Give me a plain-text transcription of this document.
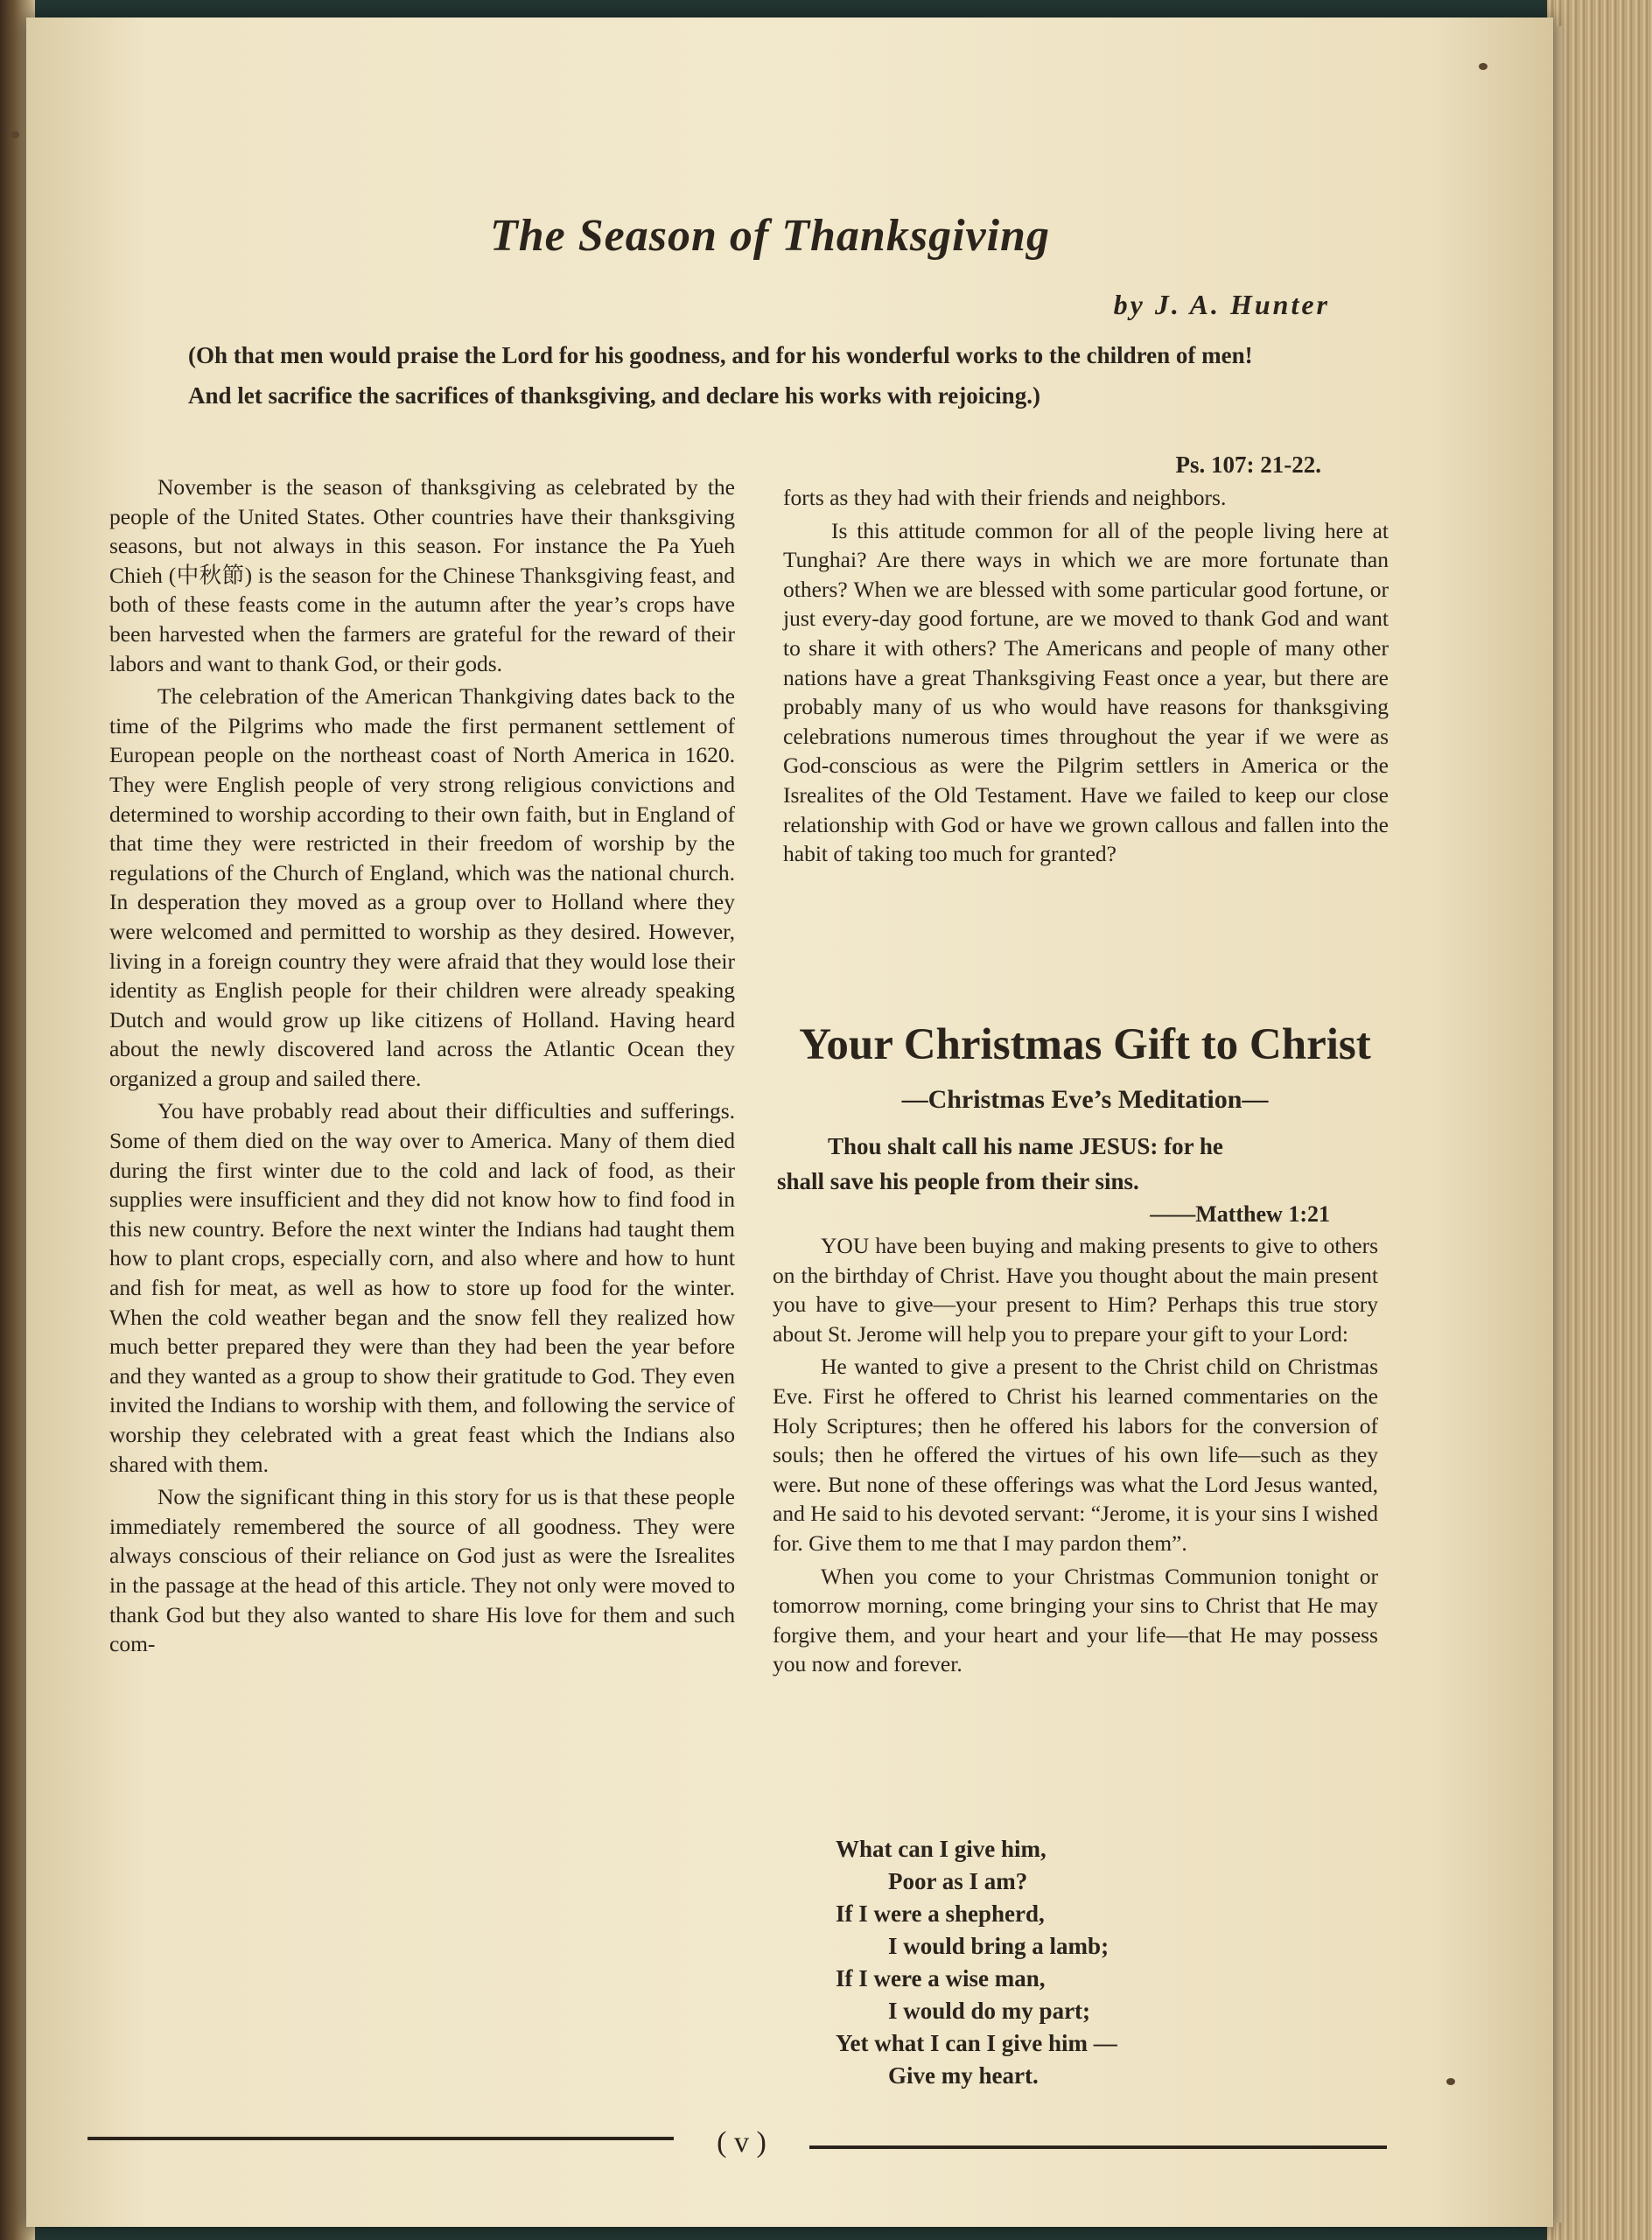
The Season of Thanksgiving
by J. A. Hunter

(Oh that men would praise the Lord for his goodness, and for his wonderful works to the children of men!

And let sacrifice the sacrifices of thanksgiving, and declare his works with rejoicing.)

Ps. 107: 21-22.

November is the season of thanksgiving as celebrated by the people of the United States. Other countries have their thanksgiving seasons, but not always in this season. For instance the Pa Yueh Chieh (中秋節) is the season for the Chinese Thanksgiving feast, and both of these feasts come in the autumn after the year’s crops have been harvested when the farmers are grateful for the reward of their labors and want to thank God, or their gods.

The celebration of the American Thankgiving dates back to the time of the Pilgrims who made the first permanent settlement of European people on the northeast coast of North America in 1620. They were English people of very strong religious convictions and determined to worship according to their own faith, but in England of that time they were restricted in their freedom of worship by the regulations of the Church of England, which was the national church. In desperation they moved as a group over to Holland where they were welcomed and permitted to worship as they desired. However, living in a foreign country they were afraid that they would lose their identity as English people for their children were already speaking Dutch and would grow up like citizens of Holland. Having heard about the newly discovered land across the Atlantic Ocean they organized a group and sailed there.

You have probably read about their difficulties and sufferings. Some of them died on the way over to America. Many of them died during the first winter due to the cold and lack of food, as their supplies were insufficient and they did not know how to find food in this new country. Before the next winter the Indians had taught them how to plant crops, especially corn, and also where and how to hunt and fish for meat, as well as how to store up food for the winter. When the cold weather began and the snow fell they realized how much better prepared they were than they had been the year before and they wanted as a group to show their gratitude to God. They even invited the Indians to worship with them, and following the service of worship they celebrated with a great feast which the Indians also shared with them.

Now the significant thing in this story for us is that these people immediately remembered the source of all goodness. They were always conscious of their reliance on God just as were the Isrealites in the passage at the head of this article. They not only were moved to thank God but they also wanted to share His love for them and such com-

forts as they had with their friends and neighbors.

Is this attitude common for all of the people living here at Tunghai? Are there ways in which we are more fortunate than others? When we are blessed with some particular good fortune, or just every-day good fortune, are we moved to thank God and want to share it with others? The Americans and people of many other nations have a great Thanksgiving Feast once a year, but there are probably many of us who would have reasons for thanksgiving celebrations numerous times throughout the year if we were as God-conscious as were the Pilgrim settlers in America or the Isrealites of the Old Testament. Have we failed to keep our close relationship with God or have we grown callous and fallen into the habit of taking too much for granted?

Your Christmas Gift to Christ
—Christmas Eve’s Meditation—
Thou shalt call his name JESUS: for he
shall save his people from their sins.
——Matthew 1:21

YOU have been buying and making presents to give to others on the birthday of Christ. Have you thought about the main present you have to give—your present to Him? Perhaps this true story about St. Jerome will help you to prepare your gift to your Lord:

He wanted to give a present to the Christ child on Christmas Eve. First he offered to Christ his learned commentaries on the Holy Scriptures; then he offered his labors for the conversion of souls; then he offered the virtues of his own life—such as they were. But none of these offerings was what the Lord Jesus wanted, and He said to his devoted servant: “Jerome, it is your sins I wished for. Give them to me that I may pardon them”.

When you come to your Christmas Communion tonight or tomorrow morning, come bringing your sins to Christ that He may forgive them, and your heart and your life—that He may possess you now and forever.

What can I give him,
Poor as I am?
If I were a shepherd,
I would bring a lamb;
If I were a wise man,
I would do my part;
Yet what I can I give him —
Give my heart.
( v )
